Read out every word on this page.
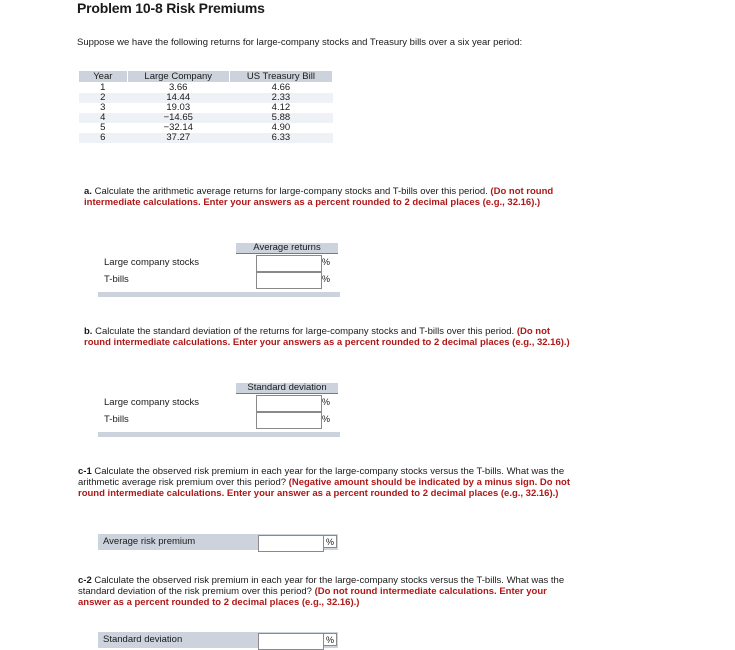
Problem 10-8 Risk Premiums
Suppose we have the following returns for large-company stocks and Treasury bills over a six year period:
Year	Large Company	US Treasury Bill
1	3.66	4.66
2	14.44	2.33
3	19.03	4.12
4	−14.65	5.88
5	−32.14	4.90
6	37.27	6.33
a. Calculate the arithmetic average returns for large-company stocks and T-bills over this period. (Do not round intermediate calculations. Enter your answers as a percent rounded to 2 decimal places (e.g., 32.16).)
Average returns
Large company stocks	%
T-bills	%
b. Calculate the standard deviation of the returns for large-company stocks and T-bills over this period. (Do not round intermediate calculations. Enter your answers as a percent rounded to 2 decimal places (e.g., 32.16).)
Standard deviation
Large company stocks	%
T-bills	%
c-1 Calculate the observed risk premium in each year for the large-company stocks versus the T-bills. What was the arithmetic average risk premium over this period? (Negative amount should be indicated by a minus sign. Do not round intermediate calculations. Enter your answer as a percent rounded to 2 decimal places (e.g., 32.16).)
Average risk premium	%
c-2 Calculate the observed risk premium in each year for the large-company stocks versus the T-bills. What was the standard deviation of the risk premium over this period? (Do not round intermediate calculations. Enter your answer as a percent rounded to 2 decimal places (e.g., 32.16).)
Standard deviation	%
